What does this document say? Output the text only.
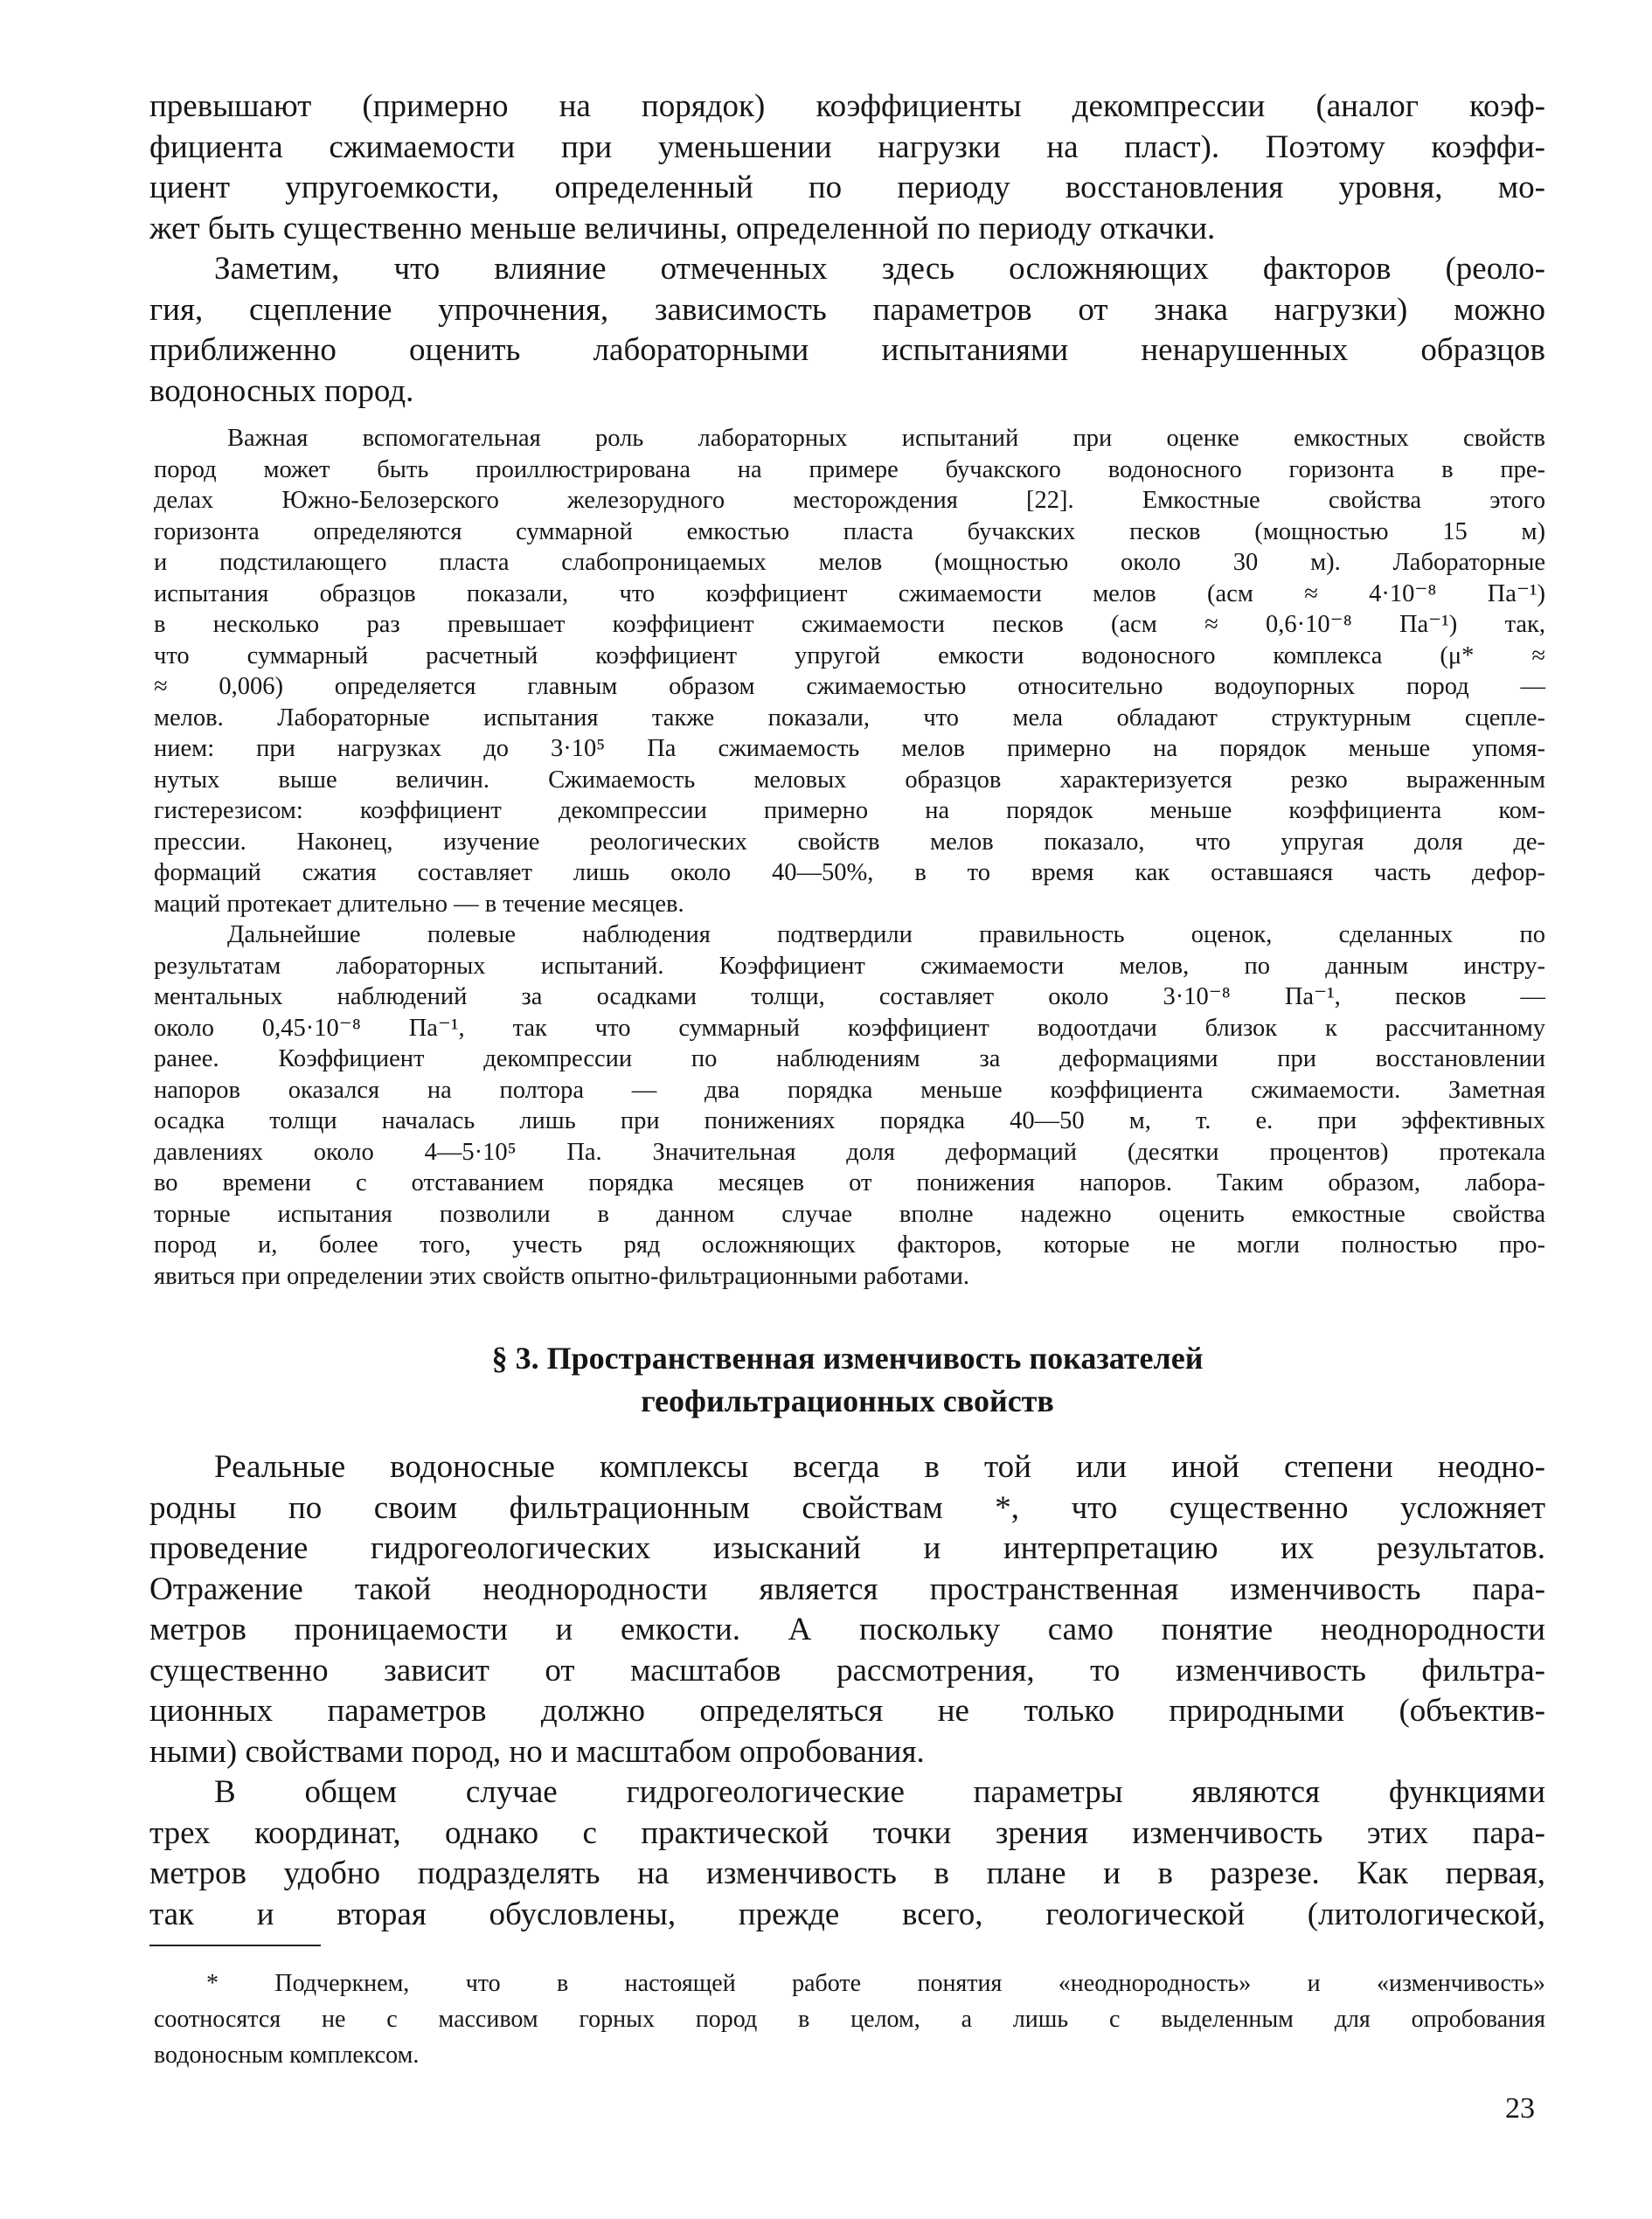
превышают (примерно на порядок) коэффициенты декомпрессии (аналог коэф-
фициента сжимаемости при уменьшении нагрузки на пласт). Поэтому коэффи-
циент упругоемкости, определенный по периоду восстановления уровня, мо-
жет быть существенно меньше величины, определенной по периоду откачки.
Заметим, что влияние отмеченных здесь осложняющих факторов (реоло-
гия, сцепление упрочнения, зависимость параметров от знака нагрузки) можно
приближенно оценить лабораторными испытаниями ненарушенных образцов
водоносных пород.
Важная вспомогательная роль лабораторных испытаний при оценке емкостных свойств
пород может быть проиллюстрирована на примере бучакского водоносного горизонта в пре-
делах Южно-Белозерского железорудного месторождения [22]. Емкостные свойства этого
горизонта определяются суммарной емкостью пласта бучакских песков (мощностью 15 м)
и подстилающего пласта слабопроницаемых мелов (мощностью около 30 м). Лабораторные
испытания образцов показали, что коэффициент сжимаемости мелов (aсм ≈ 4·10⁻⁸ Па⁻¹)
в несколько раз превышает коэффициент сжимаемости песков (aсм ≈ 0,6·10⁻⁸ Па⁻¹) так,
что суммарный расчетный коэффициент упругой емкости водоносного комплекса (μ* ≈
≈ 0,006) определяется главным образом сжимаемостью относительно водоупорных пород —
мелов. Лабораторные испытания также показали, что мела обладают структурным сцепле-
нием: при нагрузках до 3·10⁵ Па сжимаемость мелов примерно на порядок меньше упомя-
нутых выше величин. Сжимаемость меловых образцов характеризуется резко выраженным
гистерезисом: коэффициент декомпрессии примерно на порядок меньше коэффициента ком-
прессии. Наконец, изучение реологических свойств мелов показало, что упругая доля де-
формаций сжатия составляет лишь около 40—50%, в то время как оставшаяся часть дефор-
маций протекает длительно — в течение месяцев.
Дальнейшие полевые наблюдения подтвердили правильность оценок, сделанных по
результатам лабораторных испытаний. Коэффициент сжимаемости мелов, по данным инстру-
ментальных наблюдений за осадками толщи, составляет около 3·10⁻⁸ Па⁻¹, песков —
около 0,45·10⁻⁸ Па⁻¹, так что суммарный коэффициент водоотдачи близок к рассчитанному
ранее. Коэффициент декомпрессии по наблюдениям за деформациями при восстановлении
напоров оказался на полтора — два порядка меньше коэффициента сжимаемости. Заметная
осадка толщи началась лишь при понижениях порядка 40—50 м, т. е. при эффективных
давлениях около 4—5·10⁵ Па. Значительная доля деформаций (десятки процентов) протекала
во времени с отставанием порядка месяцев от понижения напоров. Таким образом, лабора-
торные испытания позволили в данном случае вполне надежно оценить емкостные свойства
пород и, более того, учесть ряд осложняющих факторов, которые не могли полностью про-
явиться при определении этих свойств опытно-фильтрационными работами.
§ 3. Пространственная изменчивость показателей
геофильтрационных свойств
Реальные водоносные комплексы всегда в той или иной степени неодно-
родны по своим фильтрационным свойствам *, что существенно усложняет
проведение гидрогеологических изысканий и интерпретацию их результатов.
Отражение такой неоднородности является пространственная изменчивость пара-
метров проницаемости и емкости. А поскольку само понятие неоднородности
существенно зависит от масштабов рассмотрения, то изменчивость фильтра-
ционных параметров должно определяться не только природными (объектив-
ными) свойствами пород, но и масштабом опробования.
В общем случае гидрогеологические параметры являются функциями
трех координат, однако с практической точки зрения изменчивость этих пара-
метров удобно подразделять на изменчивость в плане и в разрезе. Как первая,
так и вторая обусловлены, прежде всего, геологической (литологической,
* Подчеркнем, что в настоящей работе понятия «неоднородность» и «изменчивость»
соотносятся не с массивом горных пород в целом, а лишь с выделенным для опробования
водоносным комплексом.
23
